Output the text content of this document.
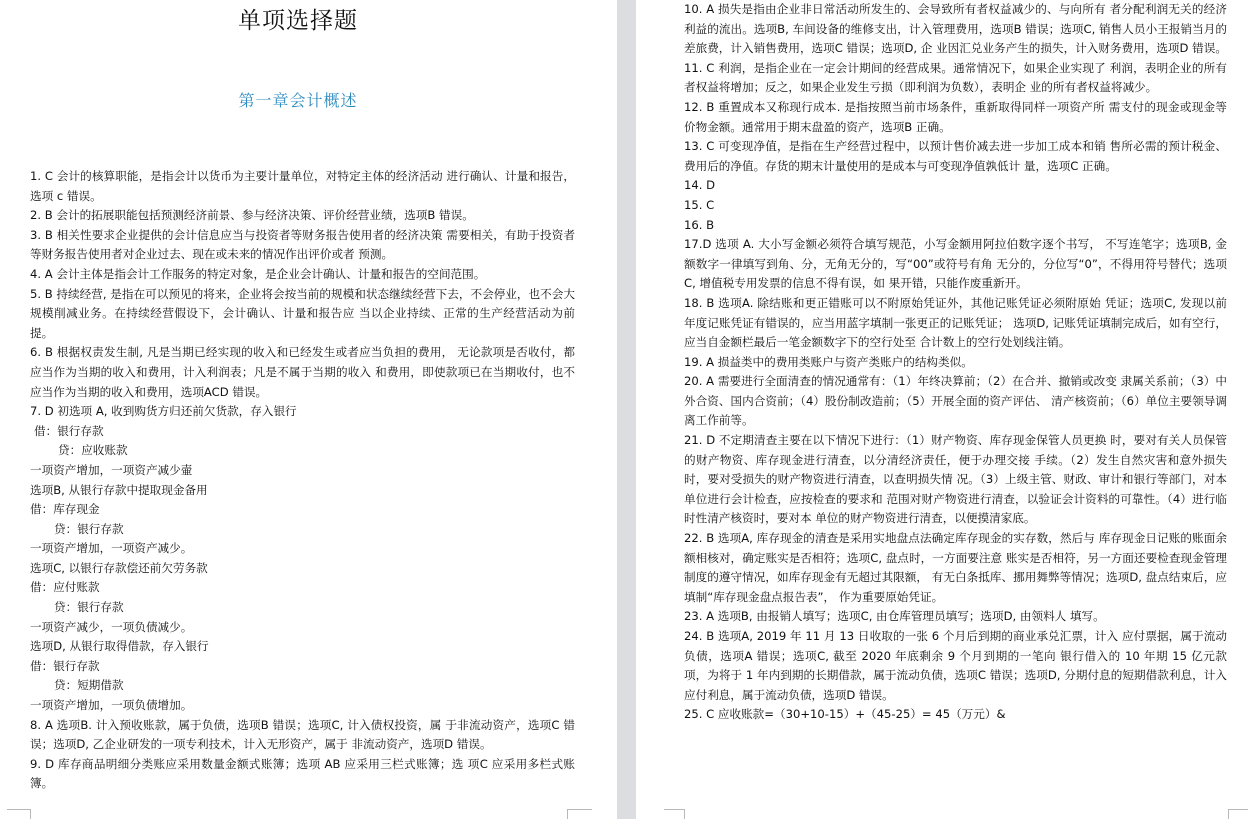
单项选择题
第一章会计概述

1. C 会计的核算职能，是指会计以货币为主要计量单位，对特定主体的经济活动 进行确认、计量和报告，选项 c 错误。

2. B 会计的拓展职能包括预测经济前景、参与经济决策、评价经营业绩，选项B 错误。

3. B 相关性要求企业提供的会计信息应当与投资者等财务报告使用者的经济决策 需要相关，有助于投资者等财务报告使用者对企业过去、现在或未来的情况作出评价或者 预测。

4. A 会计主体是指会计工作服务的特定对象，是企业会计确认、计量和报告的空间范围。

5. B 持续经营, 是指在可以预见的将来，企业将会按当前的规模和状态继续经营下去，不会停业，也不会大规模削减业务。在持续经营假设下，会计确认、计量和报告应 当以企业持续、正常的生产经营活动为前提。

6. B 根据权责发生制, 凡是当期已经实现的收入和已经发生或者应当负担的费用， 无论款项是否收付，都应当作为当期的收入和费用，计入利润表；凡是不属于当期的收入 和费用，即使款项已在当期收付，也不应当作为当期的收入和费用，选项ACD 错误。

7. D 初选项 A, 收到购货方归还前欠货款，存入银行

借：银行存款

贷：应收账款

一项资产增加，一项资产减少壷

选项B, 从银行存款中提取现金备用

借：库存现金

贷：银行存款

一项资产增加，一项资产减少。

选项C, 以银行存款偿还前欠劳务款

借：应付账款

贷：银行存款

一项资产减少，一项负债减少。

选项D, 从银行取得借款，存入银行

借：银行存款

贷：短期借款

一项资产增加，一项负债增加。

8. A 选项B. 计入预收账款，属于负债，选项B 错误；选项C, 计入债权投资，属 于非流动资产，选项C 错误；选项D, 乙企业研发的一项专利技术，计入无形资产，属于 非流动资产，选项D 错误。

9. D 库存商品明细分类账应采用数量金额式账簿；选项 AB 应采用三栏式账簿；选 项C 应采用多栏式账簿。

10. A 损失是指由企业非日常活动所发生的、会导致所有者权益减少的、与向所有 者分配利润无关的经济利益的流出。选项B, 车间设备的维修支出，计入管理费用，选项B 错误；选项C, 销售人员小王报销当月的差旅费，计入销售费用，选项C 错误；选项D, 企 业因汇兑业务产生的损失，计入财务费用，选项D 错误。

11. C 利润，是指企业在一定会计期间的经营成果。通常情况下，如果企业实现了 利润，表明企业的所有者权益将增加；反之，如果企业发生亏损（即利润为负数），表明企 业的所有者权益将减少。

12. B 重置成本又称现行成本. 是指按照当前市场条件，重新取得同样一项资产所 需支付的现金或现金等价物金额。通常用于期末盘盈的资产，选项B 正确。

13. C 可变现净值，是指在生产经营过程中，以预计售价减去进一步加工成本和销 售所必需的预计税金、费用后的净值。存货的期末计量使用的是成本与可变现净值孰低计 量，选项C 正确。

14. D

15. C

16. B

17.D 选项 A. 大小写金额必须符合填写规范，小写金额用阿拉伯数字逐个书写， 不写连笔字；选项B, 金额数字一律填写到角、分，无角无分的，写“00”或符号有角 无分的，分位写“0”，不得用符号替代；选项C, 增值税专用发票的信息不得有误，如 果开错，只能作废重新开。

18. B 选项A. 除结账和更正错账可以不附原始凭证外，其他记账凭证必须附原始 凭证；选项C, 发现以前年度记账凭证有错误的，应当用蓝字填制一张更正的记账凭证； 选项D, 记账凭证填制完成后，如有空行，应当自金额栏最后一笔金额数字下的空行处至 合计数上的空行处划线注销。

19. A 损益类中的费用类账户与资产类账户的结构类似。

20. A 需要进行全面清查的情况通常有：（1）年终决算前；（2）在合并、撤销或改变 隶属关系前；（3）中外合资、国内合资前；（4）股份制改造前；（5）开展全面的资产评估、 清产核资前；（6）单位主要领导调离工作前等。

21. D 不定期清查主要在以下情况下进行：（1）财产物资、库存现金保管人员更换 时，要对有关人员保管的财产物资、库存现金进行清查，以分清经济责任，便于办理交接 手续。（2）发生自然灾害和意外损失时，要对受损失的财产物资进行清查，以查明损失情 况。（3）上级主管、财政、审计和银行等部门，对本单位进行会计检查，应按检查的要求和 范围对财产物资进行清查，以验证会计资料的可靠性。（4）进行临时性清产核资时，要对本 单位的财产物资进行清查，以便摸清家底。

22. B 选项A, 库存现金的清查是采用实地盘点法确定库存现金的实存数，然后与 库存现金日记账的账面余额相核对，确定账实是否相符；选项C, 盘点时，一方面要注意 账实是否相符，另一方面还要检查现金管理制度的遵守情况，如库存现金有无超过其限额， 有无白条抵库、挪用舞弊等情况；选项D, 盘点结束后，应填制“库存现金盘点报告表”， 作为重要原始凭证。

23. A 选项B, 由报销人填写；选项C, 由仓库管理员填写；选项D, 由领料人 填写。

24. B 选项A, 2019 年 11 月 13 日收取的一张 6 个月后到期的商业承兑汇票，计入 应付票据，属于流动负债，选项A 错误；选项C, 截至 2020 年底剩余 9 个月到期的一笔向 银行借入的 10 年期 15 亿元款项，为将于 1 年内到期的长期借款，属于流动负债，选项C 错误；选项D, 分期付息的短期借款利息，计入应付利息，属于流动负债，选项D 错误。

25. C 应收账款=（30+10-15）+（45-25）= 45（万元）&
